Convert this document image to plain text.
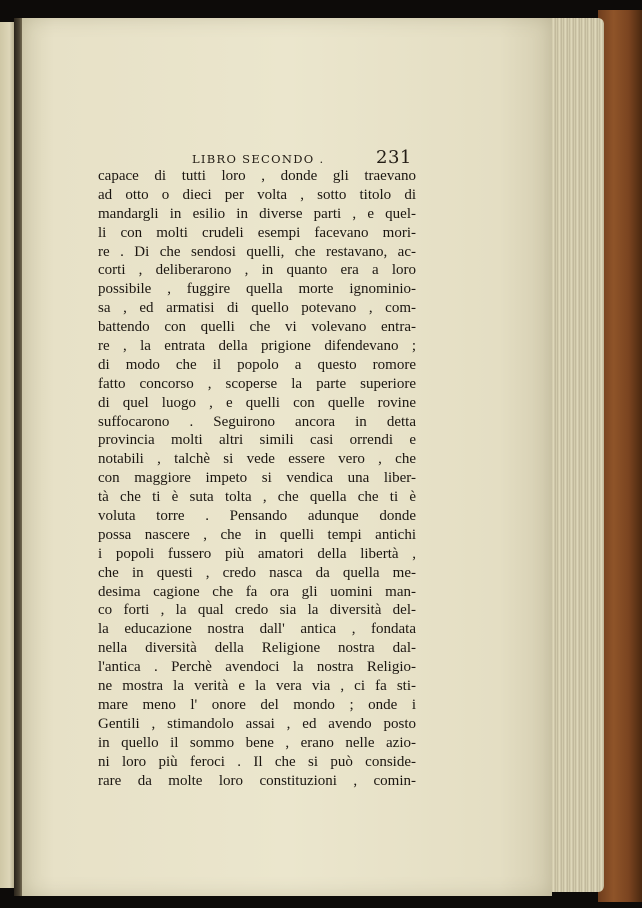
LIBRO SECONDO .	231
capace di tutti loro , donde gli traevano
ad otto o dieci per volta , sotto titolo di
mandargli in esilio in diverse parti , e quel-
li con molti crudeli esempi facevano mori-
re . Di che sendosi quelli, che restavano, ac-
corti , deliberarono , in quanto era a loro
possibile , fuggire quella morte ignominio-
sa , ed armatisi di quello potevano , com-
battendo con quelli che vi volevano entra-
re , la entrata della prigione difendevano ;
di modo che il popolo a questo romore
fatto concorso , scoperse la parte superiore
di quel luogo , e quelli con quelle rovine
suffocarono . Seguirono ancora in detta
provincia molti altri simili casi orrendi e
notabili , talchè si vede essere vero , che
con maggiore impeto si vendica una liber-
tà che ti è suta tolta , che quella che ti è
voluta torre . Pensando adunque donde
possa nascere , che in quelli tempi antichi
i popoli fussero più amatori della libertà ,
che in questi , credo nasca da quella me-
desima cagione che fa ora gli uomini man-
co forti , la qual credo sia la diversità del-
la educazione nostra dall' antica , fondata
nella diversità della Religione nostra dal-
l'antica . Perchè avendoci la nostra Religio-
ne mostra la verità e la vera via , ci fa sti-
mare meno l' onore del mondo ; onde i
Gentili , stimandolo assai , ed avendo posto
in quello il sommo bene , erano nelle azio-
ni loro più feroci . Il che si può conside-
rare da molte loro constituzioni , comin-
